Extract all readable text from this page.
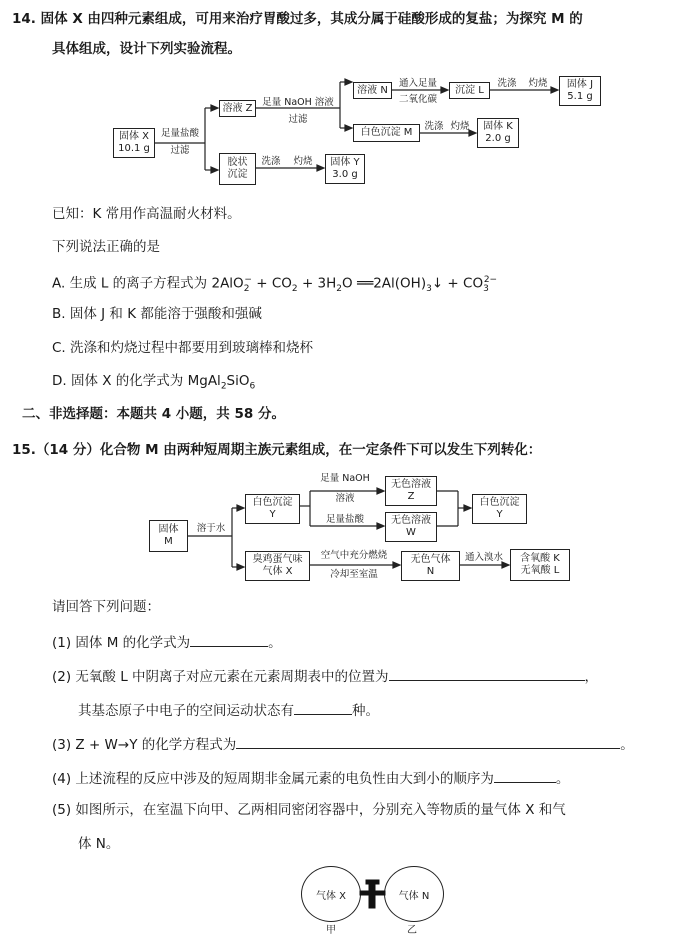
14. 固体 X 由四种元素组成，可用来治疗胃酸过多，其成分属于硅酸形成的复盐；为探究 M 的
具体组成，设计下列实验流程。
固体 X
10.1 g
足量盐酸
过滤
溶液 Z	足量 NaOH 溶液
过滤
溶液 N
通入足量
二氧化碳
沉淀 L
洗涤	灼烧	固体 J
5.1 g
白色沉淀 M
洗涤 灼烧	固体 K
2.0 g
胶状
沉淀
洗涤	灼烧	固体 Y
3.0 g
已知：K 常用作高温耐火材料。
下列说法正确的是
A. 生成 L 的离子方程式为 $2AlO_2^- + CO_2 + 3H_2O$ $══2Al(OH)_3↓ + CO_3^{2-}$
B. 固体 J 和 K 都能溶于强酸和强碱
C. 洗涤和灼烧过程中都要用到玻璃棒和烧杯
D. 固体 X 的化学式为 MgAl$_2$SiO$_6$
二、非选择题：本题共 4 小题，共 58 分。
15.（14 分）化合物 M 由两种短周期主族元素组成，在一定条件下可以发生下列转化：
固体
M
溶于水
白色沉淀
Y
足量 NaOH
溶液
无色溶液
Z
足量盐酸	无色溶液
W
白色沉淀
Y
臭鸡蛋气味
气体 X
空气中充分燃烧
冷却至室温
无色气体
N
通入溴水	含氧酸 K
无氧酸 L
请回答下列问题：
(1) 固体 M 的化学式为	。
(2) 无氧酸 L 中阴离子对应元素在元素周期表中的位置为	，
其基态原子中电子的空间运动状态有	种。
(3) Z + W→Y 的化学方程式为	。
(4) 上述流程的反应中涉及的短周期非金属元素的电负性由大到小的顺序为	。
(5) 如图所示，在室温下向甲、乙两相同密闭容器中，分别充入等物质的量气体 X 和气
体 N。
气体 X	气体 N
甲	乙
